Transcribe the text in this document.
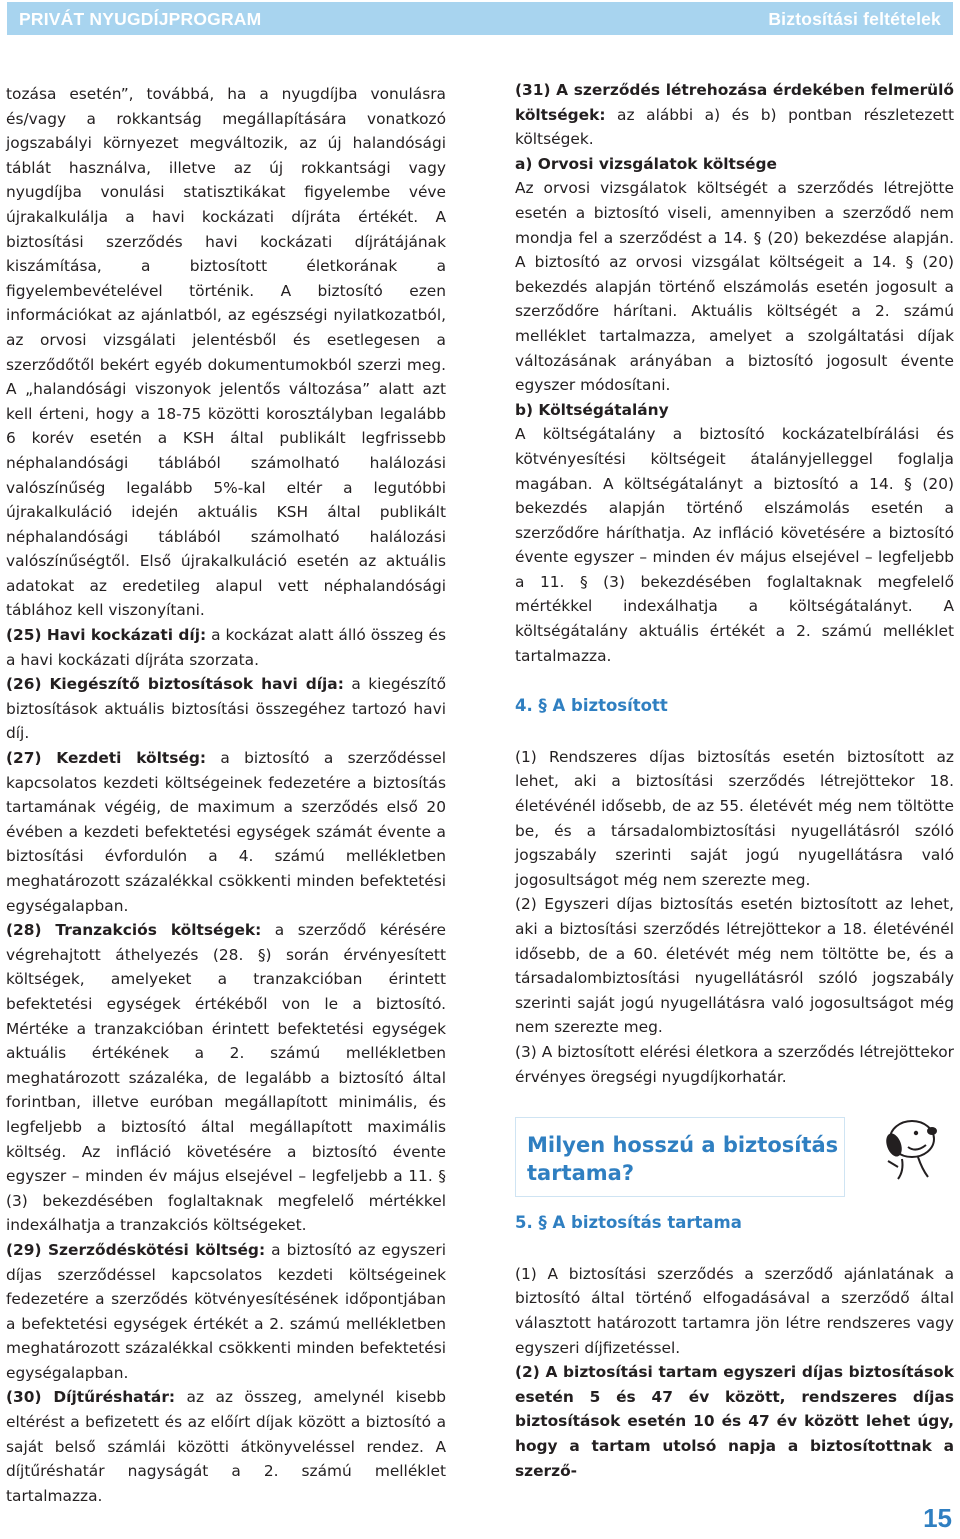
PRIVÁT NYUGDÍJPROGRAM	Biztosítási feltételek

tozása esetén”, továbbá, ha a nyugdíjba vonulásra és/vagy a rokkantság megállapítására vonatkozó jogszabályi környezet megváltozik, az új halandósági táblát használva, illetve az új rokkantsági vagy nyugdíjba vonulási statisztikákat figyelembe véve újrakalkulálja a havi kockázati díjráta értékét. A biztosítási szerződés havi kockázati díjrátájának kiszámítása, a biztosított életkorának a figyelembevételével történik. A biztosító ezen információkat az ajánlatból, az egészségi nyilatkozatból, az orvosi vizsgálati jelentésből és esetlegesen a szerződőtől bekért egyéb dokumentumokból szerzi meg. A „halandósági viszonyok jelentős változása” alatt azt kell érteni, hogy a 18-75 közötti korosztályban legalább 6 korév esetén a KSH által publikált legfrissebb néphalandósági táblából számolható halálozási valószínűség legalább 5%-kal eltér a legutóbbi újrakalkuláció idején aktuális KSH által publikált néphalandósági táblából számolható halálozási valószínűségtől. Első újrakalkuláció esetén az aktuális adatokat az eredetileg alapul vett néphalandósági táblához kell viszonyítani.

(25) Havi kockázati díj: a kockázat alatt álló összeg és a havi kockázati díjráta szorzata.

(26) Kiegészítő biztosítások havi díja: a kiegészítő biztosítások aktuális biztosítási összegéhez tartozó havi díj.

(27) Kezdeti költség: a biztosító a szerződéssel kapcsolatos kezdeti költségeinek fedezetére a biztosítás tartamának végéig, de maximum a szerződés első 20 évében a kezdeti befektetési egységek számát évente a biztosítási évfordulón a 4. számú mellékletben meghatározott százalékkal csökkenti minden befektetési egységalapban.

(28) Tranzakciós költségek: a szerződő kérésére végrehajtott áthelyezés (28. §) során érvényesített költségek, amelyeket a tranzakcióban érintett befektetési egységek értékéből von le a biztosító. Mértéke a tranzakcióban érintett befektetési egységek aktuális értékének a 2. számú mellékletben meghatározott százaléka, de legalább a biztosító által forintban, illetve euróban megállapított minimális, és legfeljebb a biztosító által megállapított maximális költség. Az infláció követésére a biztosító évente egyszer – minden év május elsejével – legfeljebb a 11. § (3) bekezdésében foglaltaknak megfelelő mértékkel indexálhatja a tranzakciós költségeket.

(29) Szerződéskötési költség: a biztosító az egyszeri díjas szerződéssel kapcsolatos kezdeti költségeinek fedezetére a szerződés kötvényesítésének időpontjában a befektetési egységek értékét a 2. számú mellékletben meghatározott százalékkal csökkenti minden befektetési egységalapban.

(30) Díjtűréshatár: az az összeg, amelynél kisebb eltérést a befizetett és az előírt díjak között a biztosító a saját belső számlái közötti átkönyveléssel rendez. A díjtűréshatár nagyságát a 2. számú melléklet tartalmazza.

(31) A szerződés létrehozása érdekében felmerülő költségek: az alábbi a) és b) pontban részletezett költségek.

a) Orvosi vizsgálatok költsége

Az orvosi vizsgálatok költségét a szerződés létrejötte esetén a biztosító viseli, amennyiben a szerződő nem mondja fel a szerződést a 14. § (20) bekezdése alapján. A biztosító az orvosi vizsgálat költségeit a 14. § (20) bekezdés alapján történő elszámolás esetén jogosult a szerződőre hárítani. Aktuális költségét a 2. számú melléklet tartalmazza, amelyet a szolgáltatási díjak változásának arányában a biztosító jogosult évente egyszer módosítani.

b) Költségátalány

A költségátalány a biztosító kockázatelbírálási és kötvényesítési költségeit átalányjelleggel foglalja magában. A költségátalányt a biztosító a 14. § (20) bekezdés alapján történő elszámolás esetén a szerződőre háríthatja. Az infláció követésére a biztosító évente egyszer – minden év május elsejével – legfeljebb a 11. § (3) bekezdésében foglaltaknak megfelelő mértékkel indexálhatja a költségátalányt. A költségátalány aktuális értékét a 2. számú melléklet tartalmazza.

4. § A biztosított

(1) Rendszeres díjas biztosítás esetén biztosított az lehet, aki a biztosítási szerződés létrejöttekor 18. életévénél idősebb, de az 55. életévét még nem töltötte be, és a társadalombiztosítási nyugellátásról szóló jogszabály szerinti saját jogú nyugellátásra való jogosultságot még nem szerezte meg.

(2) Egyszeri díjas biztosítás esetén biztosított az lehet, aki a biztosítási szerződés létrejöttekor a 18. életévénél idősebb, de a 60. életévét még nem töltötte be, és a társadalombiztosítási nyugellátásról szóló jogszabály szerinti saját jogú nyugellátásra való jogosultságot még nem szerezte meg.

(3) A biztosított elérési életkora a szerződés létrejöttekor érvényes öregségi nyugdíjkorhatár.

Milyen hosszú a biztosítás tartama?

5. § A biztosítás tartama

(1) A biztosítási szerződés a szerződő ajánlatának a biztosító által történő elfogadásával a szerződő által választott határozott tartamra jön létre rendszeres vagy egyszeri díjfizetéssel.

(2) A biztosítási tartam egyszeri díjas biztosítások esetén 5 és 47 év között, rendszeres díjas biztosítások esetén 10 és 47 év között lehet úgy, hogy a tartam utolsó napja a biztosítottnak a szerző-

15
